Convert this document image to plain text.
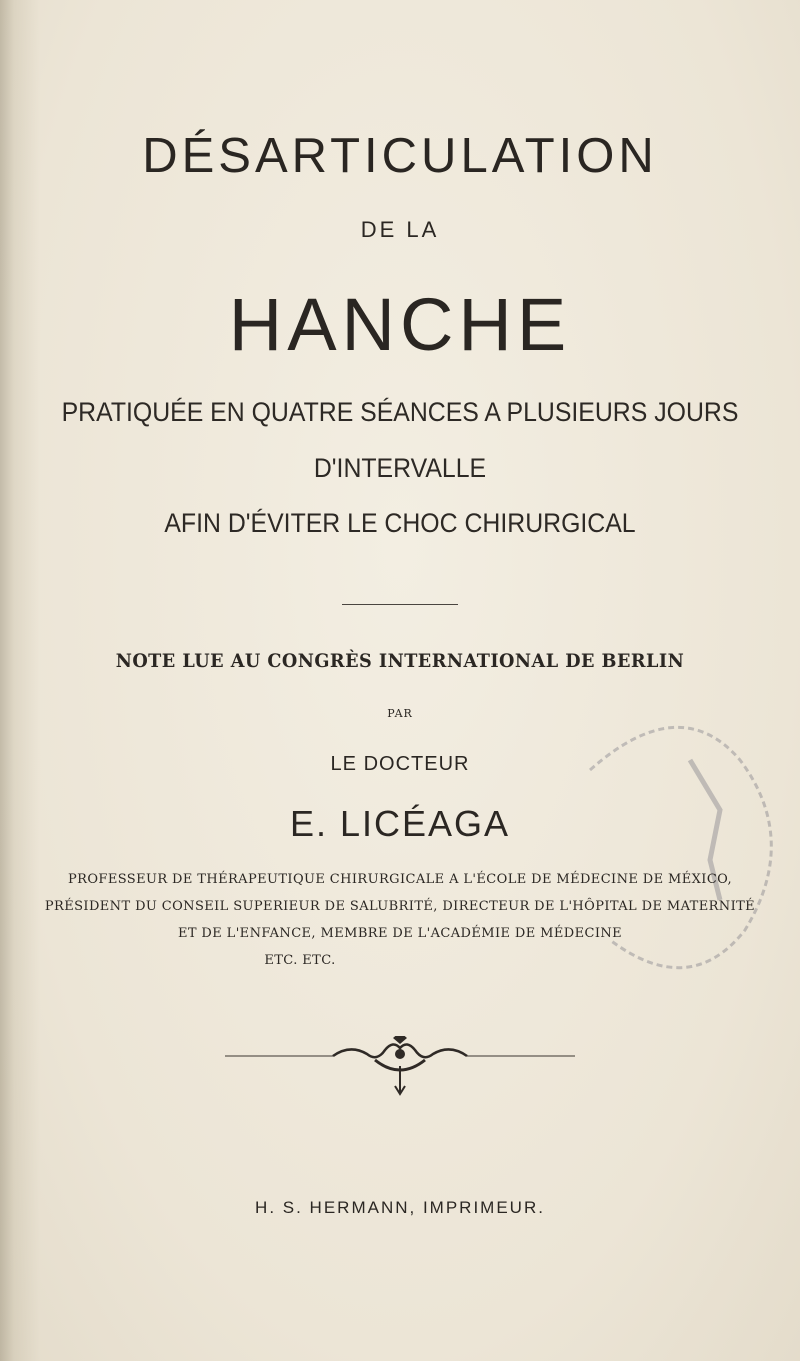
DÉSARTICULATION
DE LA
HANCHE
PRATIQUÉE EN QUATRE SÉANCES A PLUSIEURS JOURS
D'INTERVALLE
AFIN D'ÉVITER LE CHOC CHIRURGICAL
NOTE LUE AU CONGRÈS INTERNATIONAL DE BERLIN
PAR
LE DOCTEUR
E. LICÉAGA
PROFESSEUR DE THÉRAPEUTIQUE CHIRURGICALE A L'ÉCOLE DE MÉDECINE DE MÉXICO,
PRÉSIDENT DU CONSEIL SUPERIEUR DE SALUBRITÉ, DIRECTEUR DE L'HÔPITAL DE MATERNITÉ
ET DE L'ENFANCE, MEMBRE DE L'ACADÉMIE DE MÉDECINE
ETC. ETC.
H. S. HERMANN, IMPRIMEUR.
